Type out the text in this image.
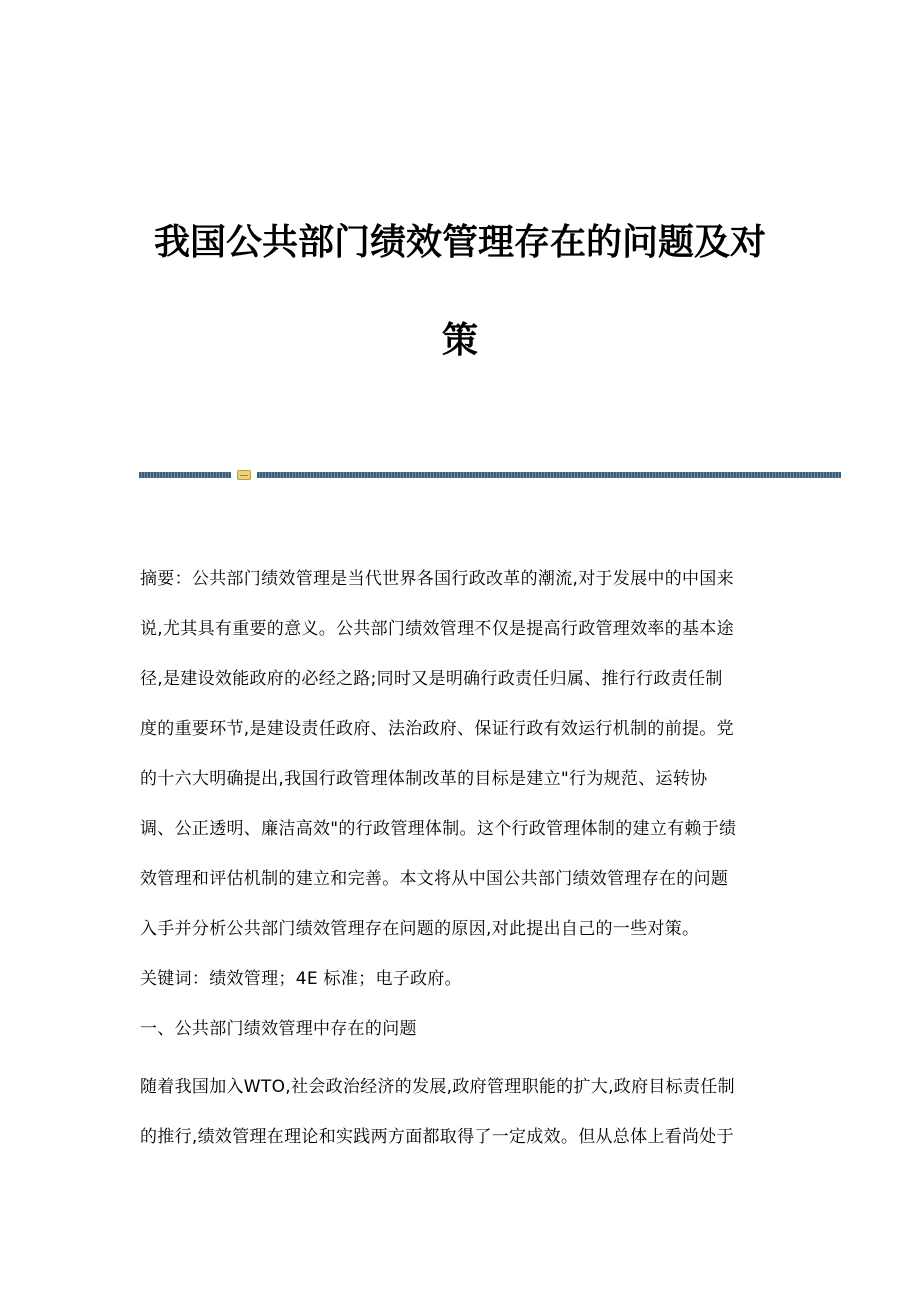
我国公共部门绩效管理存在的问题及对
策
摘要：公共部门绩效管理是当代世界各国行政改革的潮流,对于发展中的中国来
说,尤其具有重要的意义。公共部门绩效管理不仅是提高行政管理效率的基本途
径,是建设效能政府的必经之路;同时又是明确行政责任归属、推行行政责任制
度的重要环节,是建设责任政府、法治政府、保证行政有效运行机制的前提。党
的十六大明确提出,我国行政管理体制改革的目标是建立"行为规范、运转协
调、公正透明、廉洁高效"的行政管理体制。这个行政管理体制的建立有赖于绩
效管理和评估机制的建立和完善。本文将从中国公共部门绩效管理存在的问题
入手并分析公共部门绩效管理存在问题的原因,对此提出自己的一些对策。
关键词：绩效管理；4E 标准；电子政府。
一、公共部门绩效管理中存在的问题
随着我国加入WTO,社会政治经济的发展,政府管理职能的扩大,政府目标责任制
的推行,绩效管理在理论和实践两方面都取得了一定成效。但从总体上看尚处于
